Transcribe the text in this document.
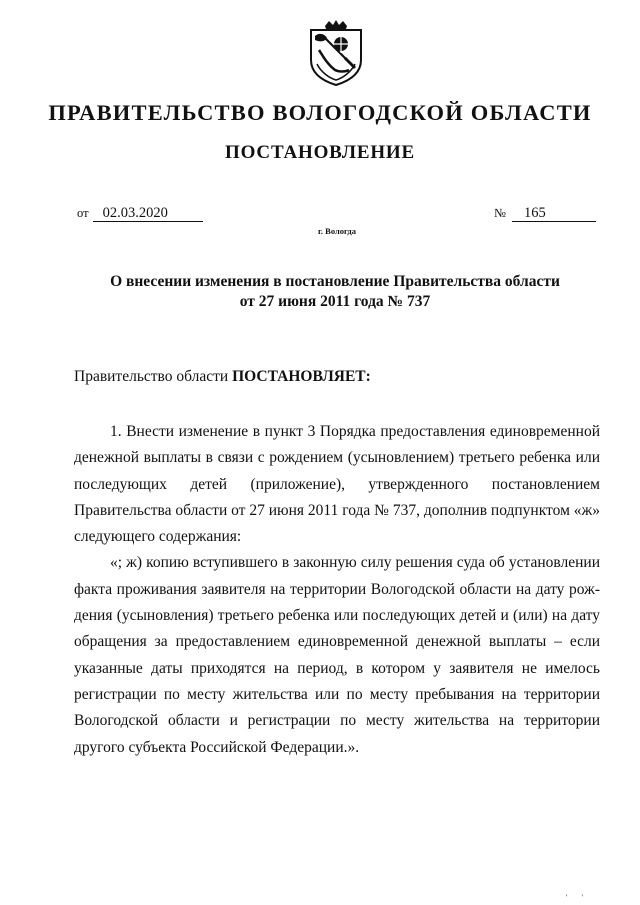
ПРАВИТЕЛЬСТВО ВОЛОГОДСКОЙ ОБЛАСТИ
ПОСТАНОВЛЕНИЕ
от 02.03.2020	№ 165
г. Вологда
О внесении изменения в постановление Правительства области
от 27 июня 2011 года № 737
Правительство области ПОСТАНОВЛЯЕТ:

1. Внести изменение в пункт 3 Порядка предоставления единовременной денежной выплаты в связи с рождением (усыновлением) третьего ребенка или последующих детей (приложение), утвержденного постановлением Правительства области от 27 июня 2011 года № 737, дополнив подпунктом «ж» следующего содержания:

«; ж) копию вступившего в законную силу решения суда об установлении факта проживания заявителя на территории Вологодской области на дату рождения (усыновления) третьего ребенка или последующих детей и (или) на дату обращения за предоставлением единовременной денежной выплаты – если указанные даты приходятся на период, в котором у заявителя не имелось регистрации по месту жительства или по месту пребывания на территории Вологодской области и регистрации по месту жительства на территории другого субъекта Российской Федерации.».

' '
